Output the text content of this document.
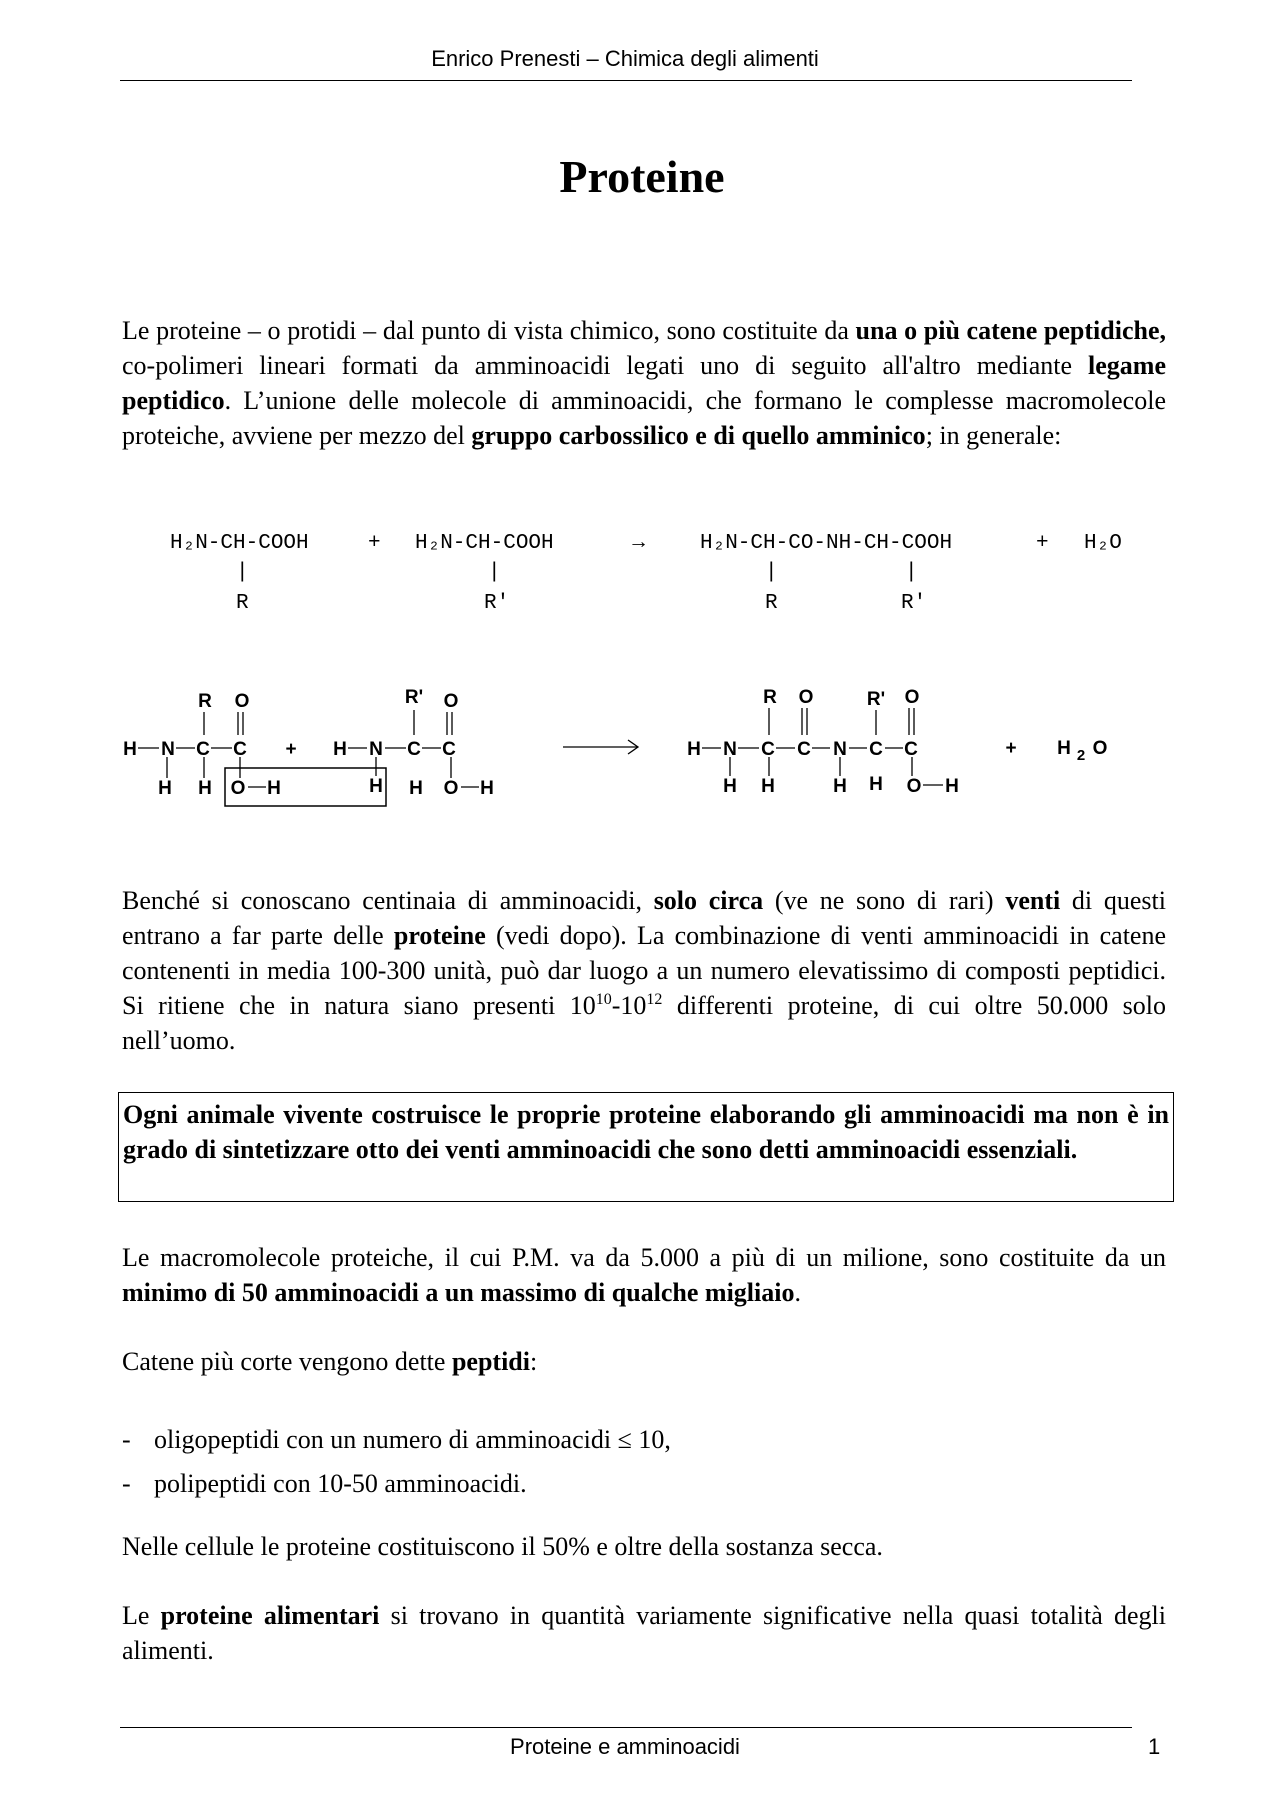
Enrico Prenesti – Chimica degli alimenti
Proteine

Le proteine – o protidi – dal punto di vista chimico, sono costituite da una o più catene peptidiche, co-polimeri lineari formati da amminoacidi legati uno di seguito all'altro mediante legame peptidico. L’unione delle molecole di amminoacidi, che formano le complesse macromolecole proteiche, avviene per mezzo del gruppo carbossilico e di quello amminico; in generale:

H₂N-CH-COOH	+ H₂N-CH-COOH	→ H₂N-CH-CO-NH-CH-COOH	+ H₂O
|	|	|	|
R	R'	R	R'
R O
H N C C
H H O H
+
R' O
H N C C
H H O H
R O	R' O
H N C C N C C
H H	H H O H
+ H 2 O

Benché si conoscano centinaia di amminoacidi, solo circa (ve ne sono di rari) venti di questi entrano a far parte delle proteine (vedi dopo). La combinazione di venti amminoacidi in catene contenenti in media 100-300 unità, può dar luogo a un numero elevatissimo di composti peptidici. Si ritiene che in natura siano presenti $10^{10}-10^{12}$ differenti proteine, di cui oltre 50.000 solo nell’uomo.

Ogni animale vivente costruisce le proprie proteine elaborando gli amminoacidi ma non è in grado di sintetizzare otto dei venti amminoacidi che sono detti amminoacidi essenziali.

Le macromolecole proteiche, il cui P.M. va da 5.000 a più di un milione, sono costituite da un minimo di 50 amminoacidi a un massimo di qualche migliaio.

Catene più corte vengono dette peptidi:

- oligopeptidi con un numero di amminoacidi ≤ 10,
- polipeptidi con 10-50 amminoacidi.

Nelle cellule le proteine costituiscono il 50% e oltre della sostanza secca.

Le proteine alimentari si trovano in quantità variamente significative nella quasi totalità degli alimenti.

Proteine e amminoacidi	1
